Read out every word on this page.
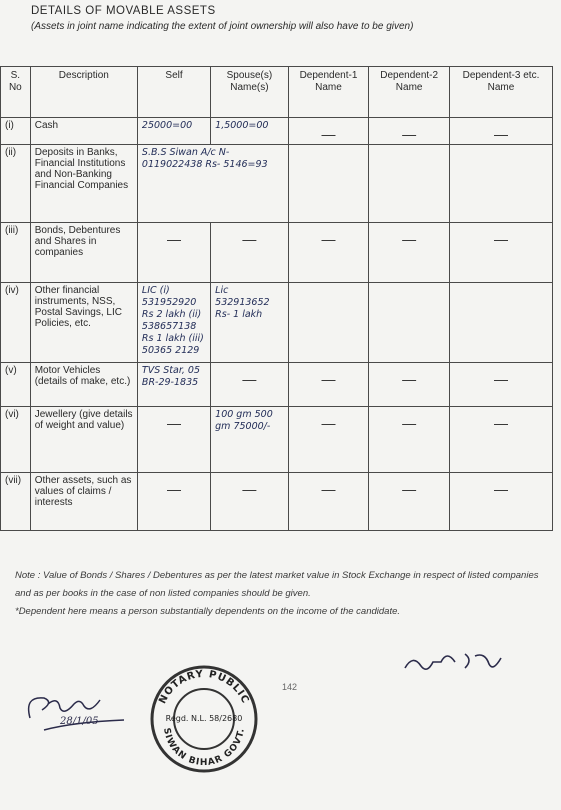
DETAILS OF MOVABLE ASSETS
(Assets in joint name indicating the extent of joint ownership will also have to be given)
S. No	Description	Self	Spouse(s) Name(s)	Dependent-1 Name	Dependent-2 Name	Dependent-3 etc. Name
(i)	Cash	25000=00	1,5000=00	—	—	—

(ii)	Deposits in Banks, Financial Institutions and Non-Banking Financial Companies	S.B.S Siwan A/c N- 0119022438 Rs- 5146=93				
(iii)	Bonds, Debentures and Shares in companies	—	—	—	—	—

(iv)	Other financial instruments, NSS, Postal Savings, LIC Policies, etc.	LIC (i) 531952920 Rs 2 lakh (ii) 538657138 Rs 1 lakh (iii) 50365 2129	Lic 532913652 Rs- 1 lakh			
(v)	Motor Vehicles (details of make, etc.)	TVS Star, 05 BR-29-1835	—	—	—	—

(vi)	Jewellery (give details of weight and value)	—	100 gm 500 gm 75000/-	—	—	—

(vii)	Other assets, such as values of claims / interests	—	—	—	—	—
Note : Value of Bonds / Shares / Debentures as per the latest market value in Stock Exchange in respect of listed companies and as per books in the case of non listed companies should be given.
*Dependent here means a person substantially dependents on the income of the candidate.
142
28/1/05
NOTARY PUBLIC
SIWAN BIHAR GOVT.
Regd. N.L. 58/2680
